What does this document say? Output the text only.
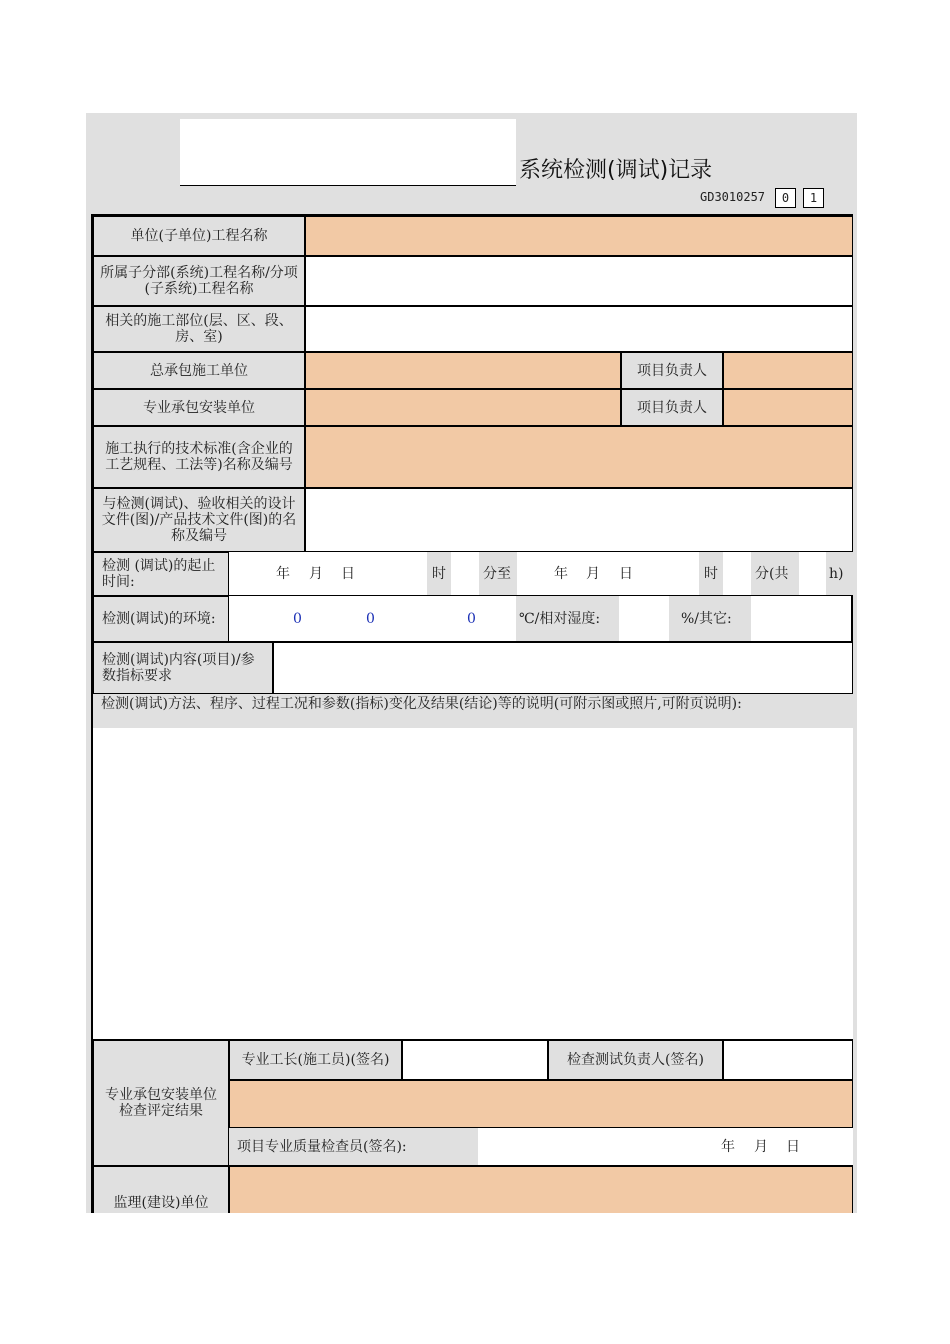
系统检测(调试)记录
GD3010257	0	1
单位(子单位)工程名称
所属子分部(系统)工程名称/分项(子系统)工程名称
相关的施工部位(层、区、段、房、室)
总承包施工单位	项目负责人
专业承包安装单位	项目负责人
施工执行的技术标准(含企业的工艺规程、工法等)名称及编号
与检测(调试)、验收相关的设计文件(图)/产品技术文件(图)的名称及编号
检测 (调试)的起止时间:	年 月 日	时	分至	年 月 日	时	分(共	h)
检测(调试)的环境:	0	0	0	℃/相对湿度:	%/其它:
检测(调试)内容(项目)/参数指标要求
检测(调试)方法、程序、过程工况和参数(指标)变化及结果(结论)等的说明(可附示图或照片,可附页说明):
专业承包安装单位检查评定结果
专业工长(施工员)(签名)	检查测试负责人(签名)
项目专业质量检查员(签名):	年 月 日
监理(建设)单位
